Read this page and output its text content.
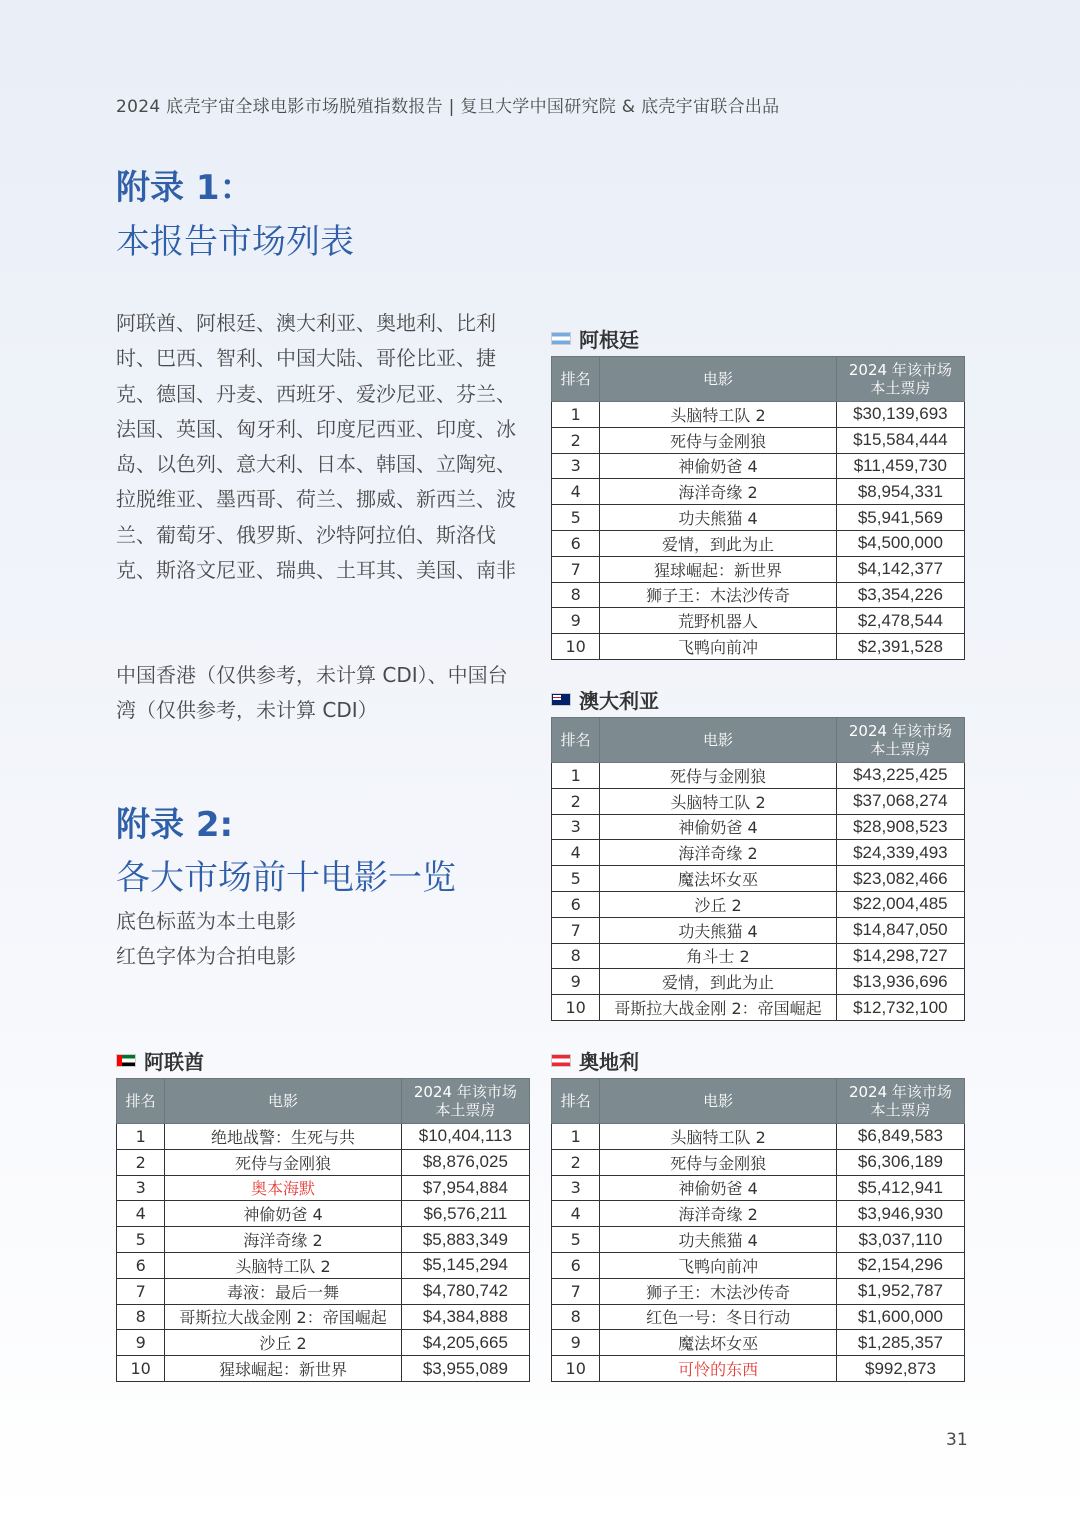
2024 底壳宇宙全球电影市场脱殖指数报告 | 复旦大学中国研究院 & 底壳宇宙联合出品
附录 1：
本报告市场列表
阿联酋、阿根廷、澳大利亚、奥地利、比利时、巴西、智利、中国大陆、哥伦比亚、捷克、德国、丹麦、西班牙、爱沙尼亚、芬兰、法国、英国、匈牙利、印度尼西亚、印度、冰岛、以色列、意大利、日本、韩国、立陶宛、拉脱维亚、墨西哥、荷兰、挪威、新西兰、波兰、葡萄牙、俄罗斯、沙特阿拉伯、斯洛伐克、斯洛文尼亚、瑞典、土耳其、美国、南非
中国香港（仅供参考，未计算 CDI）、中国台湾（仅供参考，未计算 CDI）
附录 2:
各大市场前十电影一览
底色标蓝为本土电影
红色字体为合拍电影
阿根廷
排名	电影	2024 年该市场
本土票房

1	头脑特工队 2	$30,139,693
2	死侍与金刚狼	$15,584,444
3	神偷奶爸 4	$11,459,730
4	海洋奇缘 2	$8,954,331
5	功夫熊猫 4	$5,941,569
6	爱情，到此为止	$4,500,000
7	猩球崛起：新世界	$4,142,377
8	狮子王：木法沙传奇	$3,354,226
9	荒野机器人	$2,478,544
10	飞鸭向前冲	$2,391,528
澳大利亚
排名	电影	2024 年该市场
本土票房

1	死侍与金刚狼	$43,225,425
2	头脑特工队 2	$37,068,274
3	神偷奶爸 4	$28,908,523
4	海洋奇缘 2	$24,339,493
5	魔法坏女巫	$23,082,466
6	沙丘 2	$22,004,485
7	功夫熊猫 4	$14,847,050
8	角斗士 2	$14,298,727
9	爱情，到此为止	$13,936,696
10	哥斯拉大战金刚 2：帝国崛起	$12,732,100
阿联酋
排名	电影	2024 年该市场
本土票房

1	绝地战警：生死与共	$10,404,113
2	死侍与金刚狼	$8,876,025
3	奥本海默	$7,954,884
4	神偷奶爸 4	$6,576,211
5	海洋奇缘 2	$5,883,349
6	头脑特工队 2	$5,145,294
7	毒液：最后一舞	$4,780,742
8	哥斯拉大战金刚 2：帝国崛起	$4,384,888
9	沙丘 2	$4,205,665
10	猩球崛起：新世界	$3,955,089
奥地利
排名	电影	2024 年该市场
本土票房

1	头脑特工队 2	$6,849,583
2	死侍与金刚狼	$6,306,189
3	神偷奶爸 4	$5,412,941
4	海洋奇缘 2	$3,946,930
5	功夫熊猫 4	$3,037,110
6	飞鸭向前冲	$2,154,296
7	狮子王：木法沙传奇	$1,952,787
8	红色一号：冬日行动	$1,600,000
9	魔法坏女巫	$1,285,357
10	可怜的东西	$992,873
31
